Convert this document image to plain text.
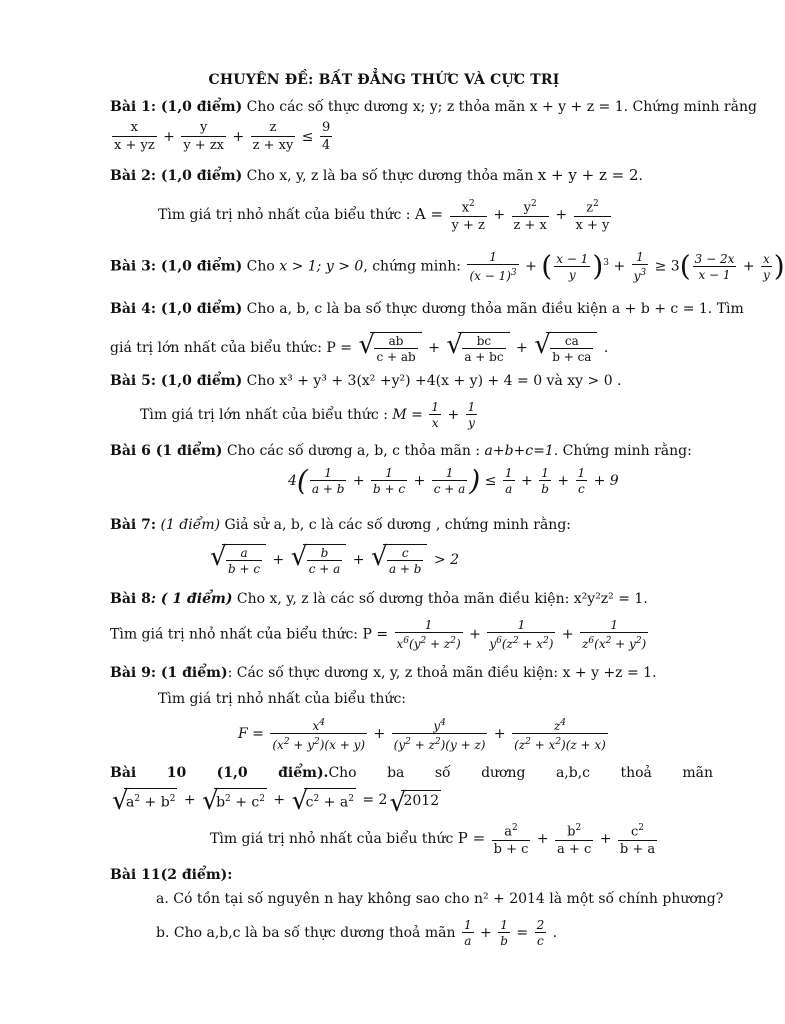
CHUYÊN ĐỀ: BẤT ĐẲNG THỨC VÀ CỰC TRỊ
Bài 1: (1,0 điểm) Cho các số thực dương x; y; z thỏa mãn x + y + z = 1. Chứng minh rằng
$\frac{x}{x + yz} + \frac{y}{y + zx} + \frac{z}{z + xy} \le \frac{9}{4}$
Bài 2: (1,0 điểm) Cho x, y, z là ba số thực dương thỏa mãn x + y + z = 2.
Tìm giá trị nhỏ nhất của biểu thức : $A = \frac{x^2}{y + z} + \frac{y^2}{z + x} + \frac{z^2}{x + y}$
Bài 3: (1,0 điểm) Cho x > 1; y > 0, chứng minh: $\frac{1}{(x - 1)^3}$ + ( $\frac{x - 1}{y} )^3 + \frac{1}{y^3} \ge 3( \frac{3 - 2x}{x - 1} + \frac{x}{y}$ )
Bài 4: (1,0 điểm) Cho a, b, c là ba số thực dương thỏa mãn điều kiện a + b + c = 1. Tìm
giá trị lớn nhất của biểu thức: P =
√ $\frac{ab}{c + ab}$ +
√ $\frac{bc}{a + bc}$ +
√ $\frac{ca}{b + ca}$ .
Bài 5: (1,0 điểm) Cho x³ + y³ + 3(x² +y²) +4(x + y) + 4 = 0 và xy > 0 .
Tìm giá trị lớn nhất của biểu thức : $M = \frac{1}{x} + \frac{1}{y}$
Bài 6 (1 điểm) Cho các số dương a, b, c thỏa mãn : a+b+c=1. Chứng minh rằng:
$4( \frac{1}{a + b} + \frac{1}{b + c} + \frac{1}{c + a}$ ) ≤ $\frac{1}{a} + \frac{1}{b} + \frac{1}{c} + 9$
Bài 7: (1 điểm) Giả sử a, b, c là các số dương , chứng minh rằng:
√ $\frac{a}{b + c}$ +
√ $\frac{b}{c + a}$ +
√ $\frac{c}{a + b} > 2$
Bài 8: ( 1 điểm) Cho x, y, z là các số dương thỏa mãn điều kiện: x²y²z² = 1.
Tìm giá trị nhỏ nhất của biểu thức: $P = \frac{1}{x^6(y^2 + z^2)} + \frac{1}{y^6(z^2 + x^2)} + \frac{1}{z^6(x^2 + y^2)}$
Bài 9: (1 điểm): Các số thực dương x, y, z thoả mãn điều kiện: x + y +z = 1.
Tìm giá trị nhỏ nhất của biểu thức:
$F = \frac{x^4}{(x^2 + y^2)(x + y)} + \frac{y^4}{(y^2 + z^2)(y + z)} + \frac{z^4}{(z^2 + x^2)(z + x)}$
Bài 10 (1,0 điểm).Cho ba số dương a,b,c thoả mãn
√ $a^2 + b^2$ + √ $b^2 + c^2$ + √ $c^2 + a^2 = 2√$ 2012
Tìm giá trị nhỏ nhất của biểu thức $P = \frac{a^2}{b + c} + \frac{b^2}{a + c} + \frac{c^2}{b + a}$
Bài 11(2 điểm):
a. Có tồn tại số nguyên n hay không sao cho n² + 2014 là một số chính phương?
b. Cho a,b,c là ba số thực dương thoả mãn $\frac{1}{a} + \frac{1}{b} = \frac{2}{c}$ .
